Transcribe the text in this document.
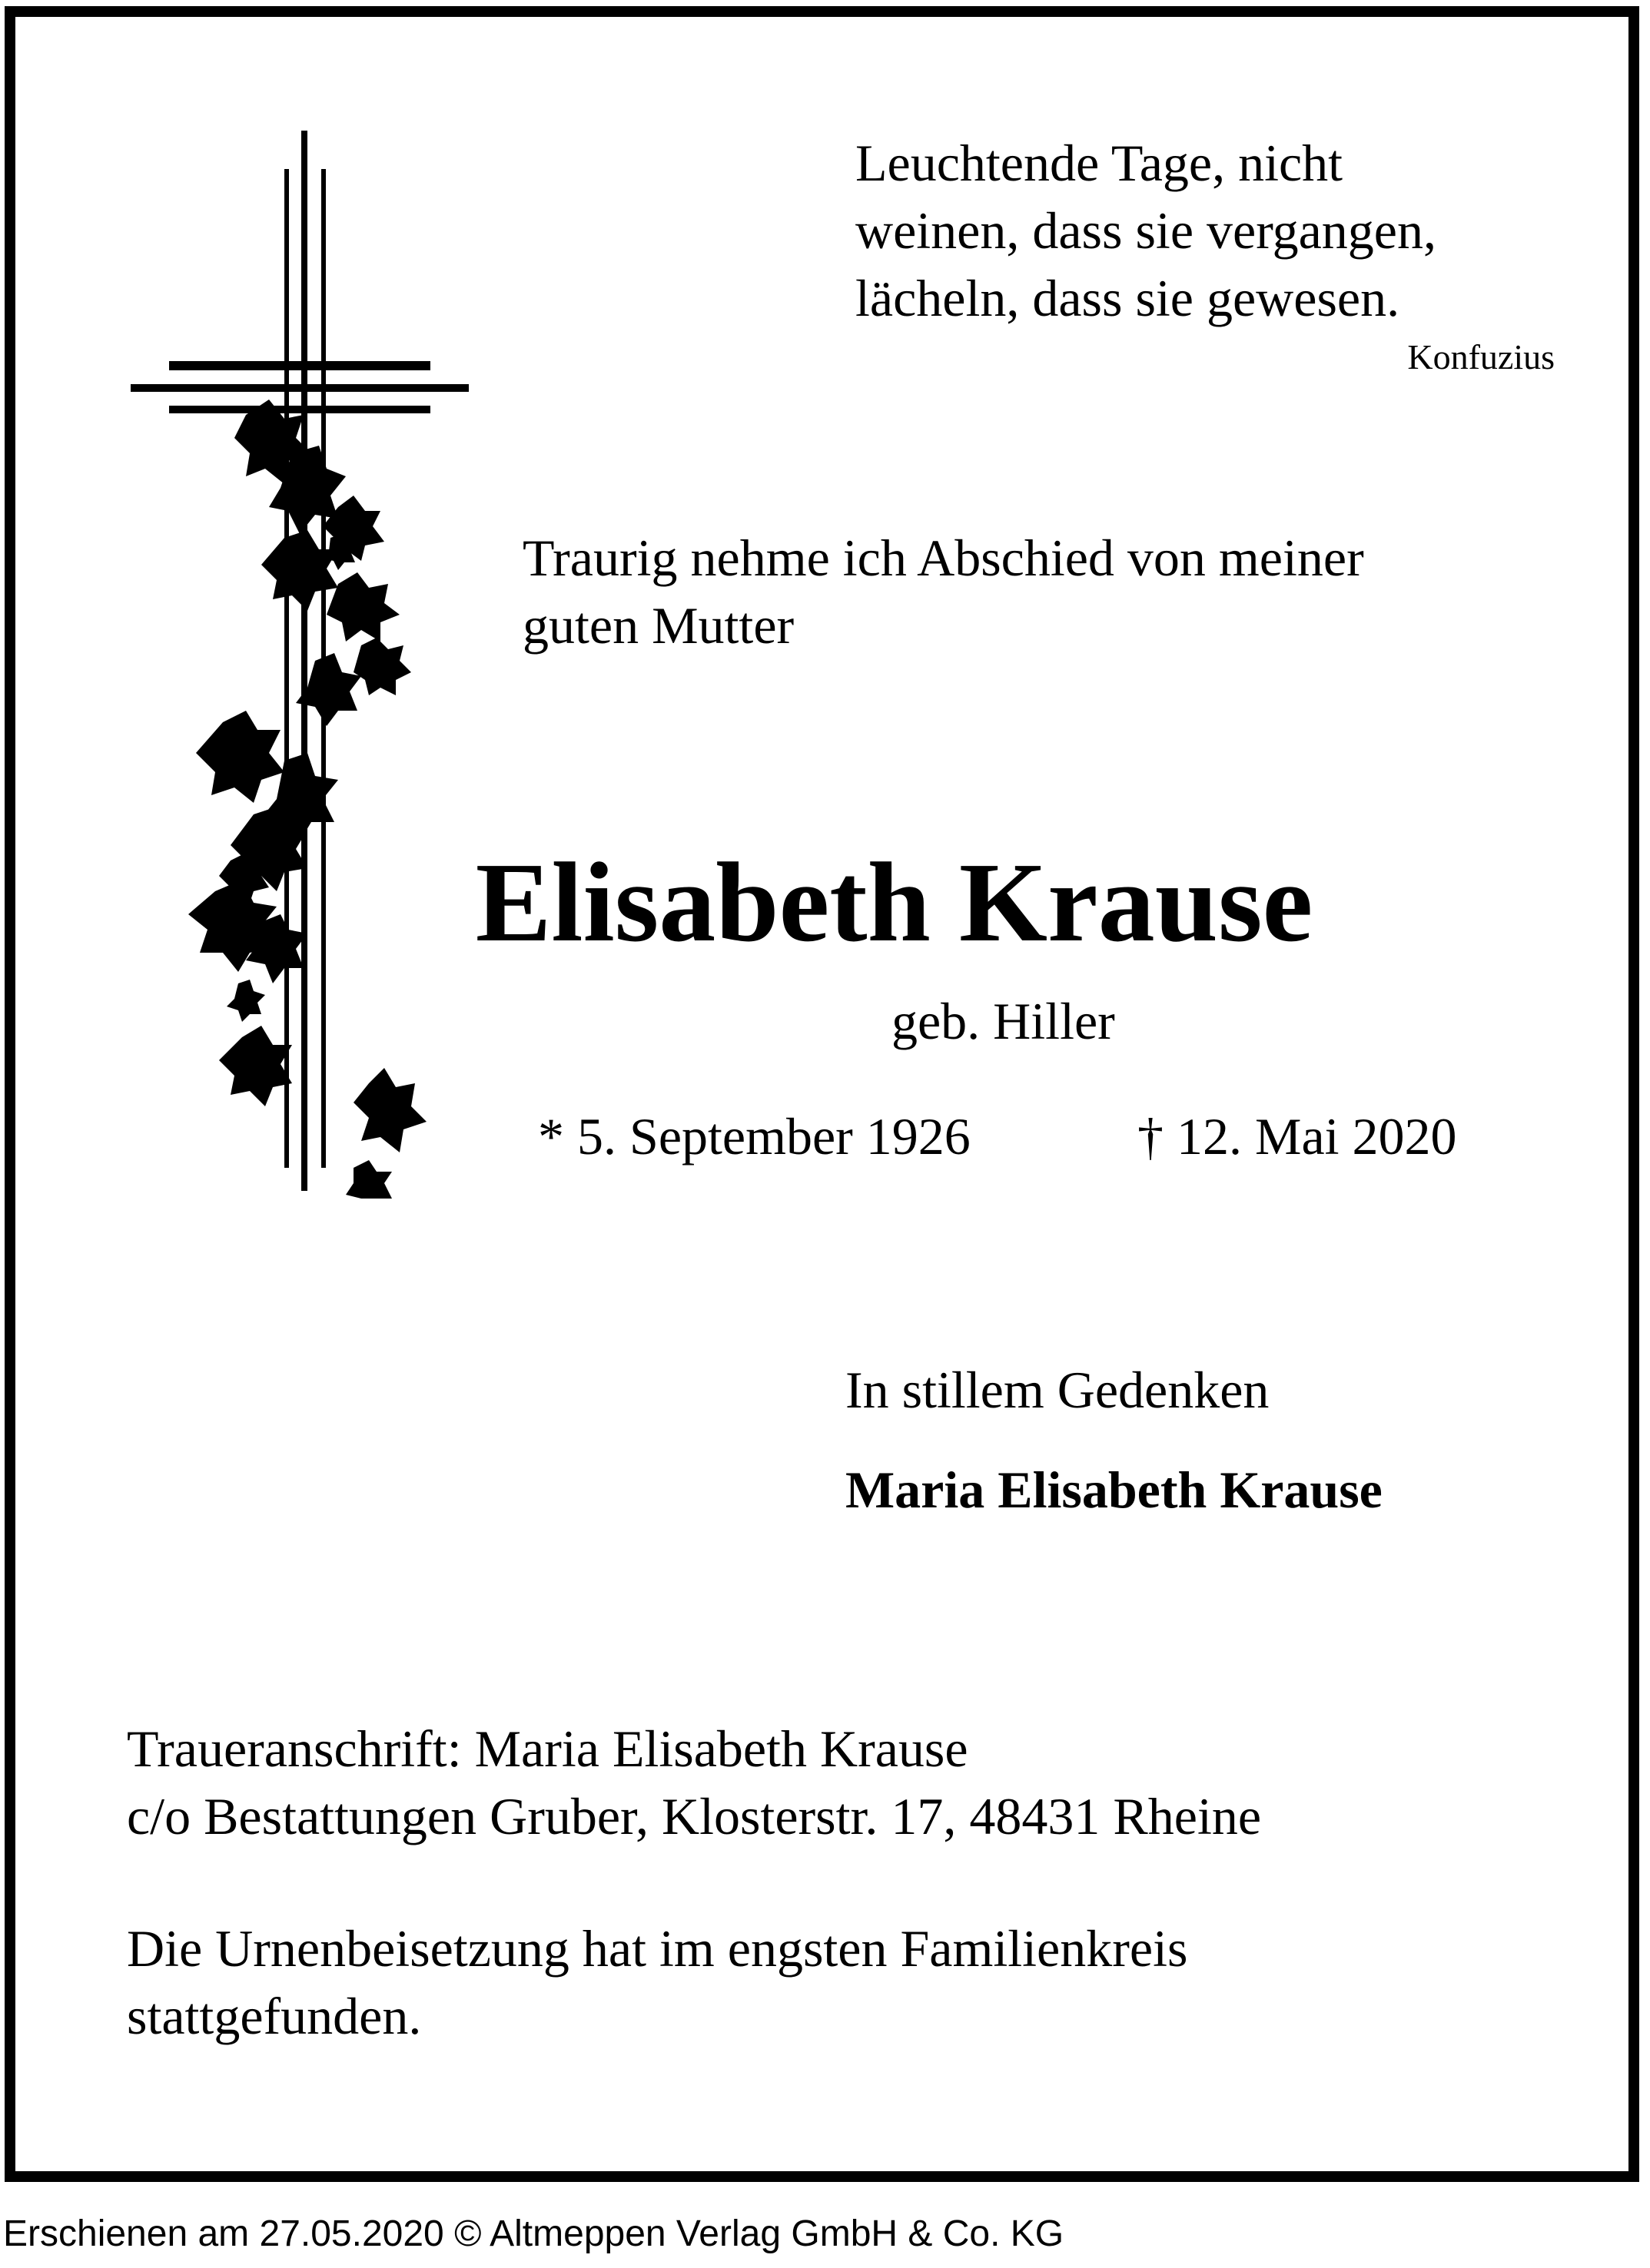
Leuchtende Tage, nicht
weinen, dass sie vergangen,
lächeln, dass sie gewesen.
Konfuzius
Traurig nehme ich Abschied von meiner
guten Mutter
Elisabeth Krause
geb. Hiller
* 5. September 1926	† 12. Mai 2020
In stillem Gedenken
Maria Elisabeth Krause
Traueranschrift: Maria Elisabeth Krause
c/o Bestattungen Gruber, Klosterstr. 17, 48431 Rheine
Die Urnenbeisetzung hat im engsten Familienkreis
stattgefunden.
Erschienen am 27.05.2020 © Altmeppen Verlag GmbH & Co. KG
